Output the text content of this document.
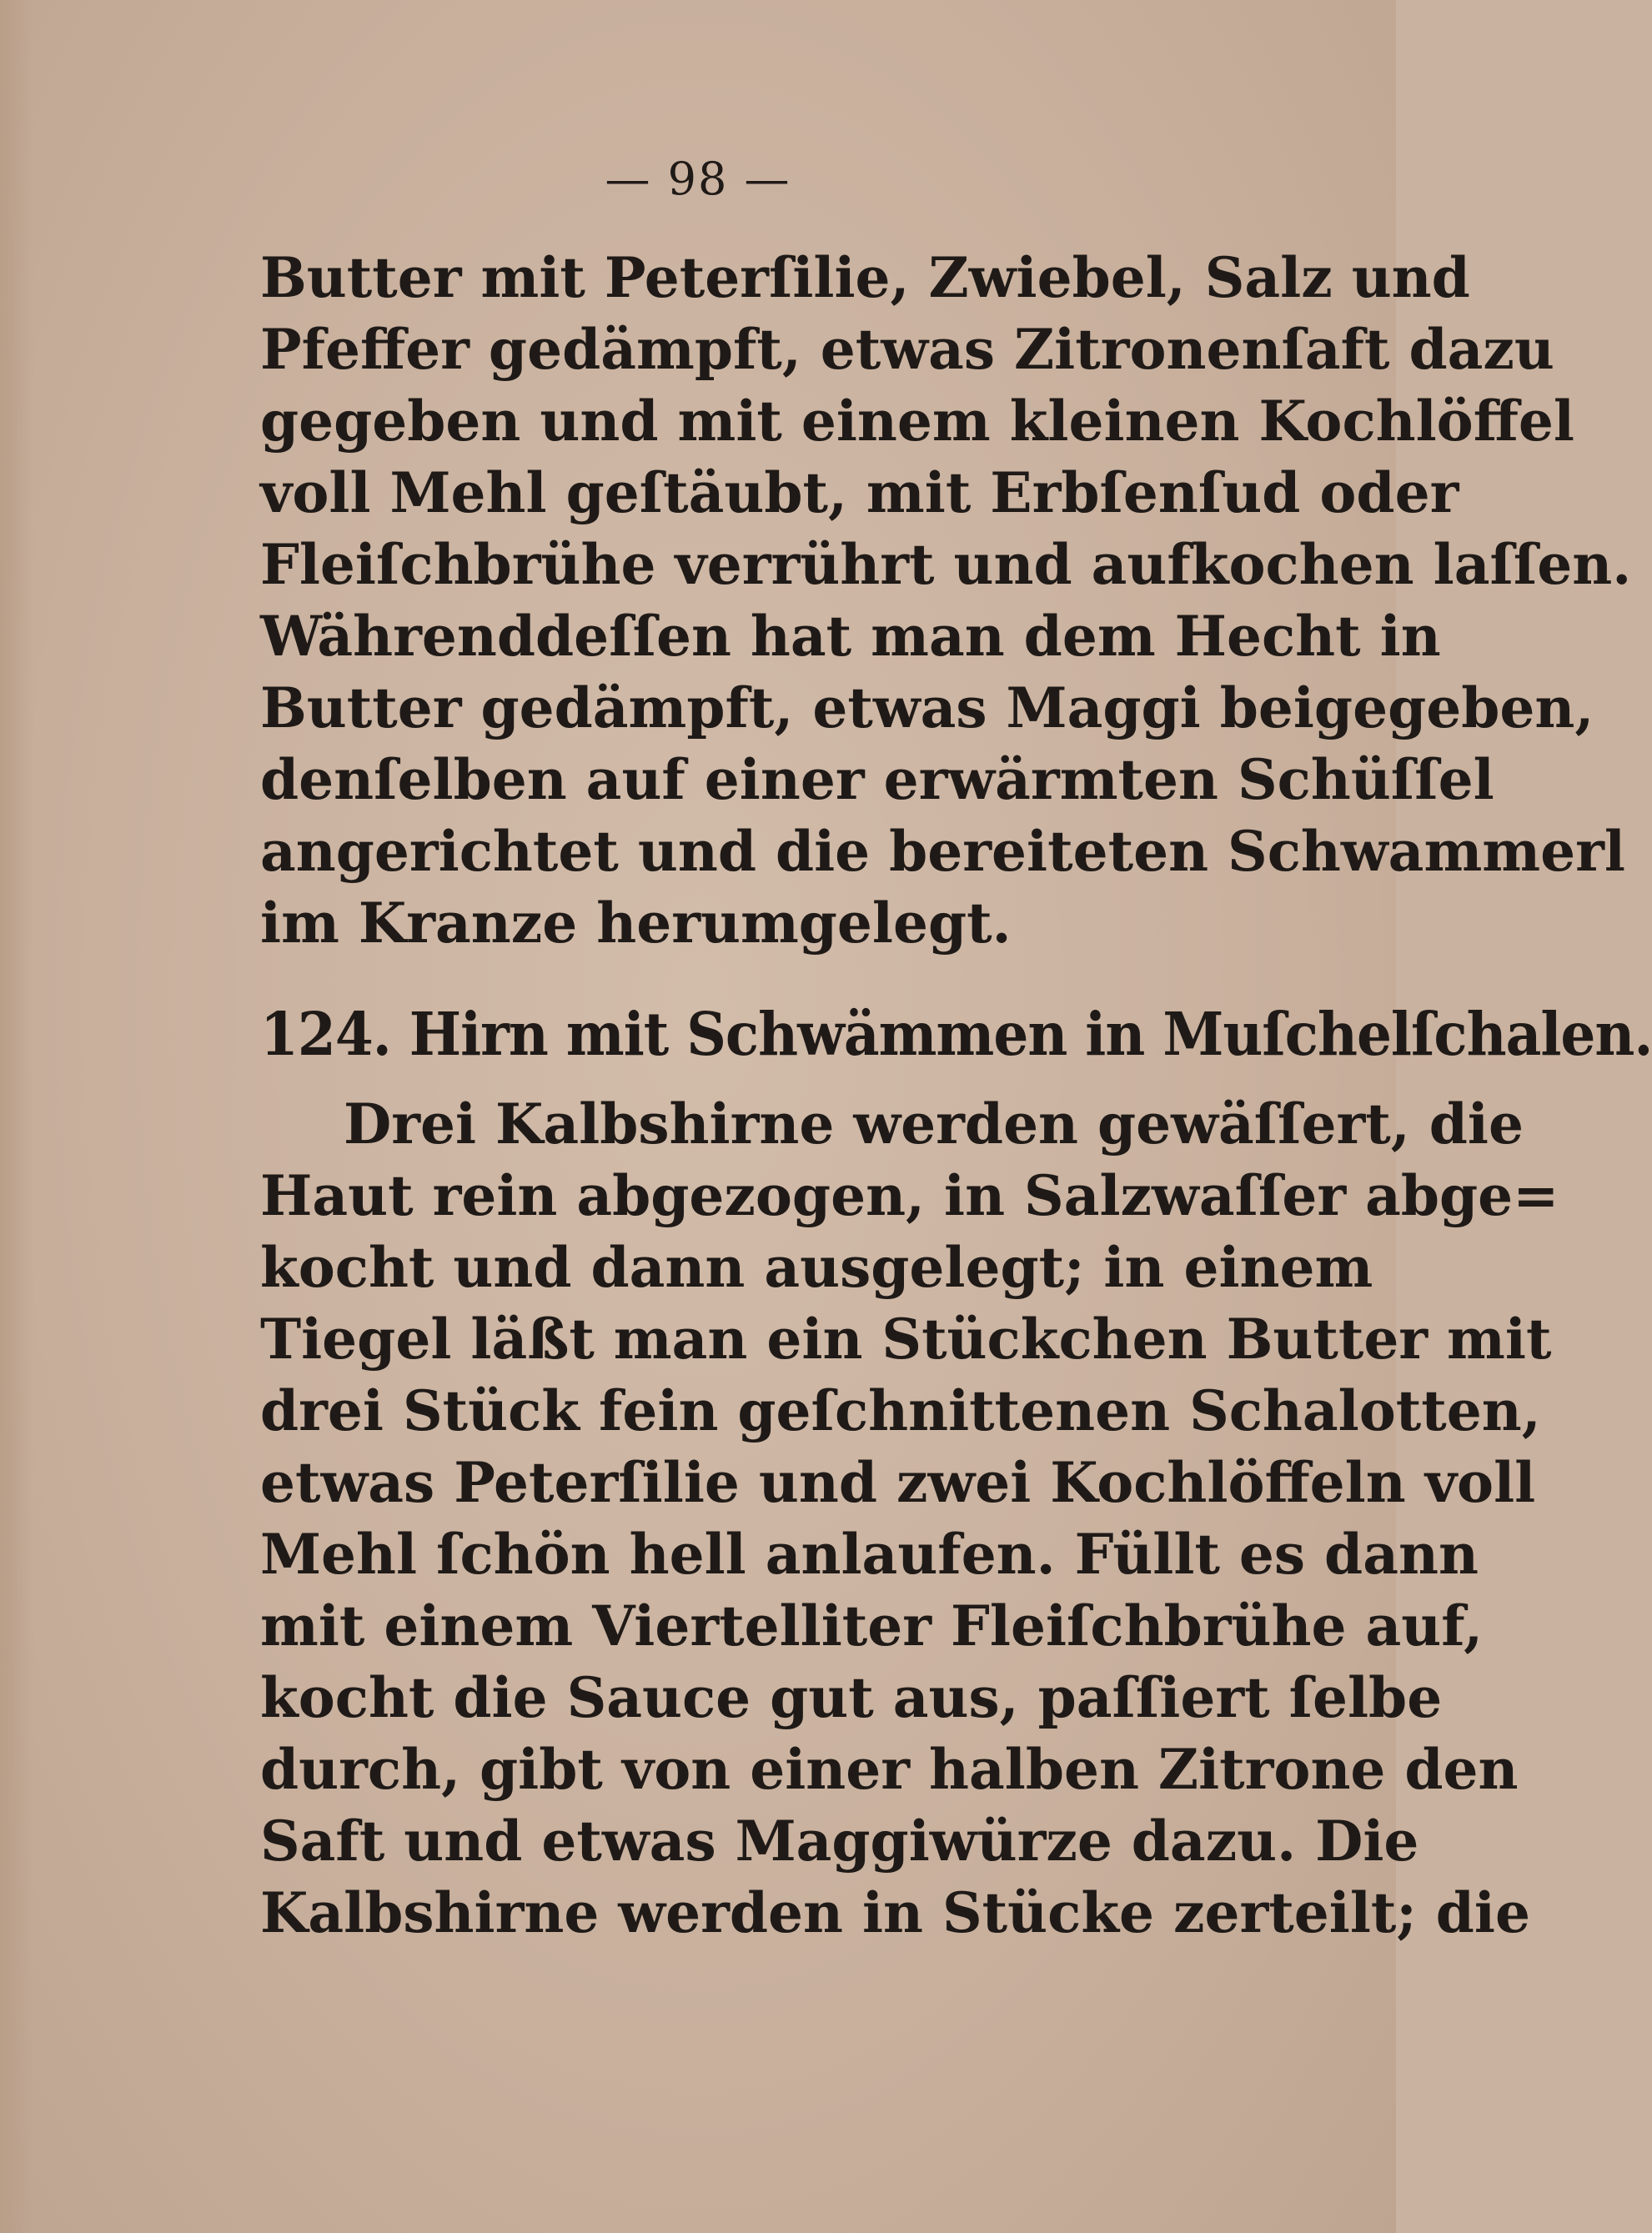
— 98 —
Butter mit Peterſilie, Zwiebel, Salz und
Pfeffer gedämpft, etwas Zitronenſaft dazu
gegeben und mit einem kleinen Kochlöffel
voll Mehl geſtäubt, mit Erbſenſud oder
Fleiſchbrühe verrührt und aufkochen laſſen.
Währenddeſſen hat man dem Hecht in
Butter gedämpft, etwas Maggi beigegeben,
denſelben auf einer erwärmten Schüſſel
angerichtet und die bereiteten Schwammerl
im Kranze herumgelegt.
124. Hirn mit Schwämmen in Muſchelſchalen.
Drei Kalbshirne werden gewäſſert, die
Haut rein abgezogen, in Salzwaſſer abge=
kocht und dann ausgelegt; in einem
Tiegel läßt man ein Stückchen Butter mit
drei Stück fein geſchnittenen Schalotten,
etwas Peterſilie und zwei Kochlöffeln voll
Mehl ſchön hell anlaufen. Füllt es dann
mit einem Viertelliter Fleiſchbrühe auf,
kocht die Sauce gut aus, paſſiert ſelbe
durch, gibt von einer halben Zitrone den
Saft und etwas Maggiwürze dazu. Die
Kalbshirne werden in Stücke zerteilt; die
